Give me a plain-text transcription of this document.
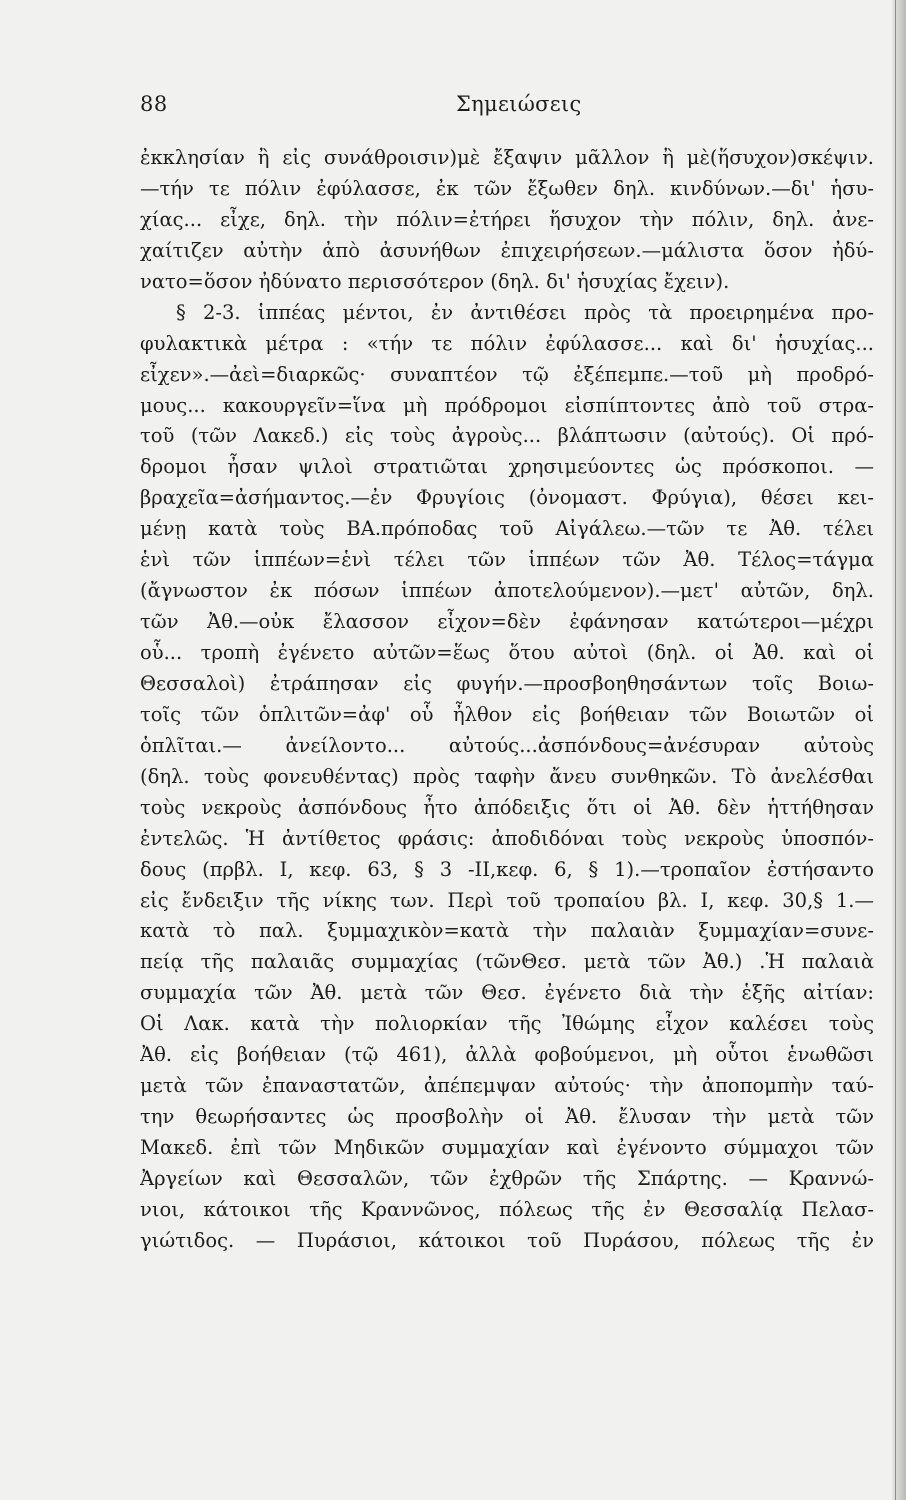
88	Σημειώσεις
ἐκκλησίαν ἢ εἰς συνάθροισιν)μὲ ἔξαψιν μᾶλλον ἢ μὲ(ἥσυχον)σκέψιν.
—τήν τε πόλιν ἐφύλασσε, ἐκ τῶν ἔξωθεν δηλ. κινδύνων.—δι' ἡσυ-
χίας... εἶχε, δηλ. τὴν πόλιν=ἐτήρει ἥσυχον τὴν πόλιν, δηλ. ἀνε-
χαίτιζεν αὐτὴν ἀπὸ ἀσυνήθων ἐπιχειρήσεων.—μάλιστα ὅσον ἠδύ-
νατο=ὅσον ἠδύνατο περισσότερον (δηλ. δι' ἡσυχίας ἔχειν).
§ 2-3. ἱππέας μέντοι, ἐν ἀντιθέσει πρὸς τὰ προειρημένα προ-
φυλακτικὰ μέτρα : «τήν τε πόλιν ἐφύλασσε... καὶ δι' ἡσυχίας...
εἶχεν».—ἀεὶ=διαρκῶς· συναπτέον τῷ ἐξέπεμπε.—τοῦ μὴ προδρό-
μους... κακουργεῖν=ἵνα μὴ πρόδρομοι εἰσπίπτοντες ἀπὸ τοῦ στρα-
τοῦ (τῶν Λακεδ.) εἰς τοὺς ἀγροὺς... βλάπτωσιν (αὐτούς). Οἱ πρό-
δρομοι ἦσαν ψιλοὶ στρατιῶται χρησιμεύοντες ὡς πρόσκοποι. —
βραχεῖα=ἀσήμαντος.—ἐν Φρυγίοις (ὀνομαστ. Φρύγια), θέσει κει-
μένῃ κατὰ τοὺς ΒΑ.πρόποδας τοῦ Αἰγάλεω.—τῶν τε Ἀθ. τέλει
ἑνὶ τῶν ἱππέων=ἑνὶ τέλει τῶν ἱππέων τῶν Ἀθ. Τέλος=τάγμα
(ἄγνωστον ἐκ πόσων ἱππέων ἀποτελούμενον).—μετ' αὐτῶν, δηλ.
τῶν Ἀθ.—οὐκ ἔλασσον εἶχον=δὲν ἐφάνησαν κατώτεροι—μέχρι
οὗ... τροπὴ ἐγένετο αὐτῶν=ἕως ὅτου αὐτοὶ (δηλ. οἱ Ἀθ. καὶ οἱ
Θεσσαλοὶ) ἐτράπησαν εἰς φυγήν.—προσβοηθησάντων τοῖς Βοιω-
τοῖς τῶν ὁπλιτῶν=ἀφ' οὗ ἦλθον εἰς βοήθειαν τῶν Βοιωτῶν οἱ
ὁπλῖται.— ἀνείλοντο... αὐτούς...ἀσπόνδους=ἀνέσυραν αὐτοὺς
(δηλ. τοὺς φονευθέντας) πρὸς ταφὴν ἄνευ συνθηκῶν. Τὸ ἀνελέσθαι
τοὺς νεκροὺς ἀσπόνδους ἦτο ἀπόδειξις ὅτι οἱ Ἀθ. δὲν ἡττήθησαν
ἐντελῶς. Ἡ ἀντίθετος φράσις: ἀποδιδόναι τοὺς νεκροὺς ὑποσπόν-
δους (πρβλ. Ι, κεφ. 63, § 3 -ΙΙ,κεφ. 6, § 1).—τροπαῖον ἐστήσαντο
εἰς ἔνδειξιν τῆς νίκης των. Περὶ τοῦ τροπαίου βλ. Ι, κεφ. 30,§ 1.—
κατὰ τὸ παλ. ξυμμαχικὸν=κατὰ τὴν παλαιὰν ξυμμαχίαν=συνε-
πείᾳ τῆς παλαιᾶς συμμαχίας (τῶνΘεσ. μετὰ τῶν Ἀθ.) .Ἡ παλαιὰ
συμμαχία τῶν Ἀθ. μετὰ τῶν Θεσ. ἐγένετο διὰ τὴν ἑξῆς αἰτίαν:
Οἱ Λακ. κατὰ τὴν πολιορκίαν τῆς Ἰθώμης εἶχον καλέσει τοὺς
Ἀθ. εἰς βοήθειαν (τῷ 461), ἀλλὰ φοβούμενοι, μὴ οὗτοι ἑνωθῶσι
μετὰ τῶν ἐπαναστατῶν, ἀπέπεμψαν αὐτούς· τὴν ἀποπομπὴν ταύ-
την θεωρήσαντες ὡς προσβολὴν οἱ Ἀθ. ἔλυσαν τὴν μετὰ τῶν
Μακεδ. ἐπὶ τῶν Μηδικῶν συμμαχίαν καὶ ἐγένοντο σύμμαχοι τῶν
Ἀργείων καὶ Θεσσαλῶν, τῶν ἐχθρῶν τῆς Σπάρτης. — Κραννώ-
νιοι, κάτοικοι τῆς Κραννῶνος, πόλεως τῆς ἐν Θεσσαλίᾳ Πελασ-
γιώτιδος. — Πυράσιοι, κάτοικοι τοῦ Πυράσου, πόλεως τῆς ἐν
